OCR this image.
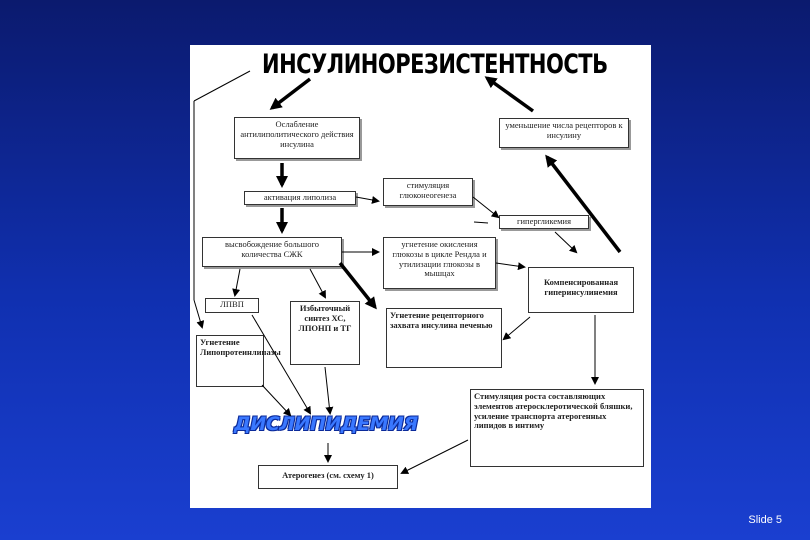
ИНСУЛИНОРЕЗИСТЕНТНОСТЬ
Ослабление антилиполитического действия инсулина
уменьшение числа рецепторов к инсулину
стимуляция глюконеогенеза
активация липолиза
гипергликемия
высвобождение большого количества СЖК
угнетение окисления глюкозы в цикле Рендла и утилизации глюкозы в мышцах
Компенсированная гиперинсулинемия
ЛПВП	Избыточный синтез ХС, ЛПОНП и ТГ
Угнетение рецепторного захвата инсулина печенью
Угнетение Липопротеинлипазы
Стимуляция роста составляющих элементов атеросклеротической бляшки, усиление транспорта атерогенных липидов в интиму
ДИСЛИПИДЕМИЯ
Атерогенез (см. схему 1)
Slide 5
